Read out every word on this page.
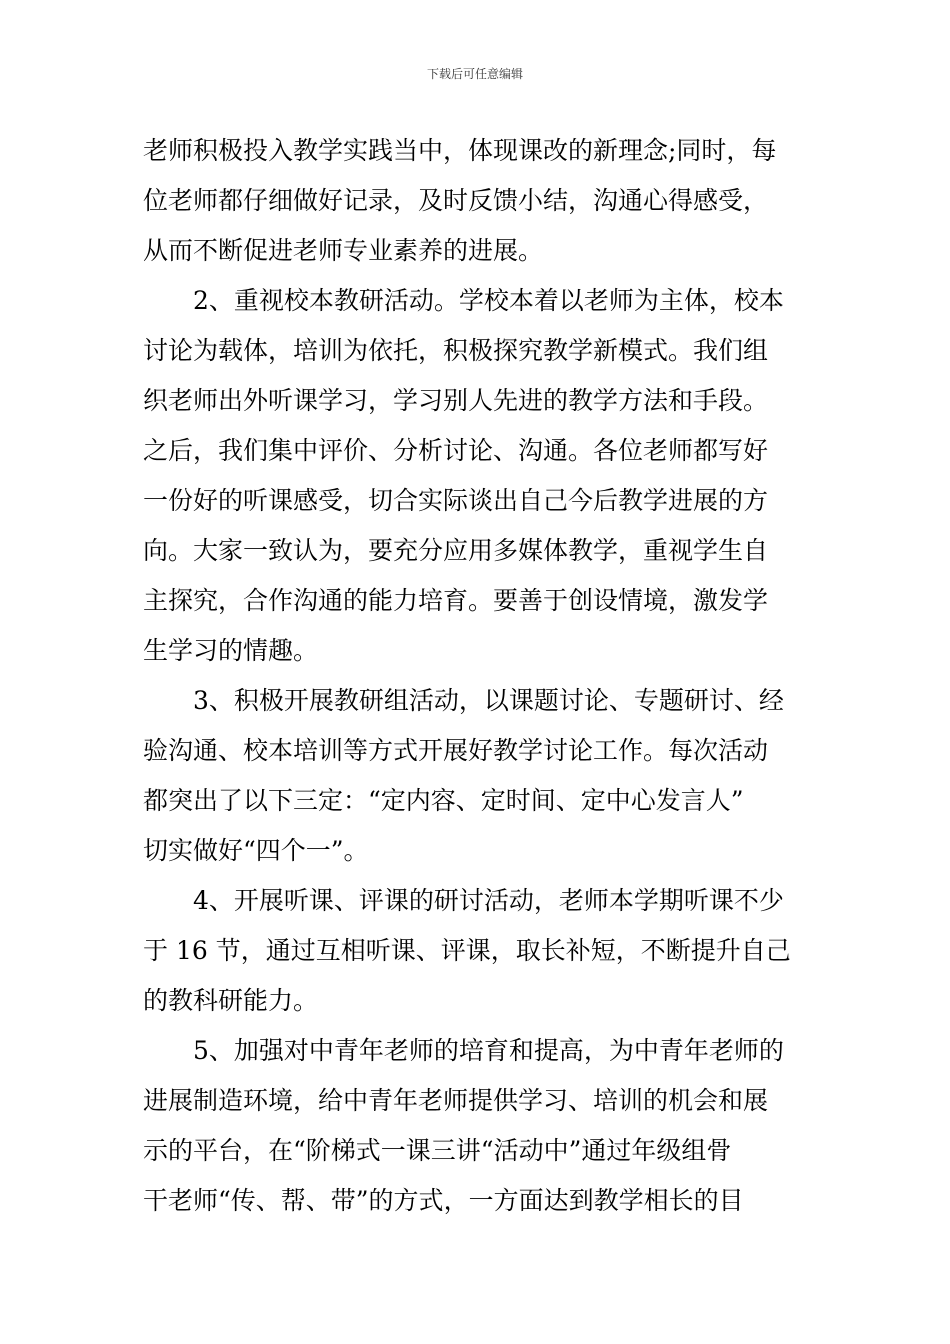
下载后可任意编辑
老师积极投入教学实践当中，体现课改的新理念;同时，每
位老师都仔细做好记录，及时反馈小结，沟通心得感受，
从而不断促进老师专业素养的进展。
2、重视校本教研活动。学校本着以老师为主体，校本
讨论为载体，培训为依托，积极探究教学新模式。我们组
织老师出外听课学习，学习别人先进的教学方法和手段。
之后，我们集中评价、分析讨论、沟通。各位老师都写好
一份好的听课感受，切合实际谈出自己今后教学进展的方
向。大家一致认为，要充分应用多媒体教学，重视学生自
主探究，合作沟通的能力培育。要善于创设情境，激发学
生学习的情趣。
3、积极开展教研组活动，以课题讨论、专题研讨、经
验沟通、校本培训等方式开展好教学讨论工作。每次活动
都突出了以下三定：“定内容、定时间、定中心发言人”
切实做好“四个一”。
4、开展听课、评课的研讨活动，老师本学期听课不少
于 16 节，通过互相听课、评课，取长补短，不断提升自己
的教科研能力。
5、加强对中青年老师的培育和提高，为中青年老师的
进展制造环境，给中青年老师提供学习、培训的机会和展
示的平台，在“阶梯式一课三讲“活动中”通过年级组骨
干老师“传、帮、带”的方式，一方面达到教学相长的目
